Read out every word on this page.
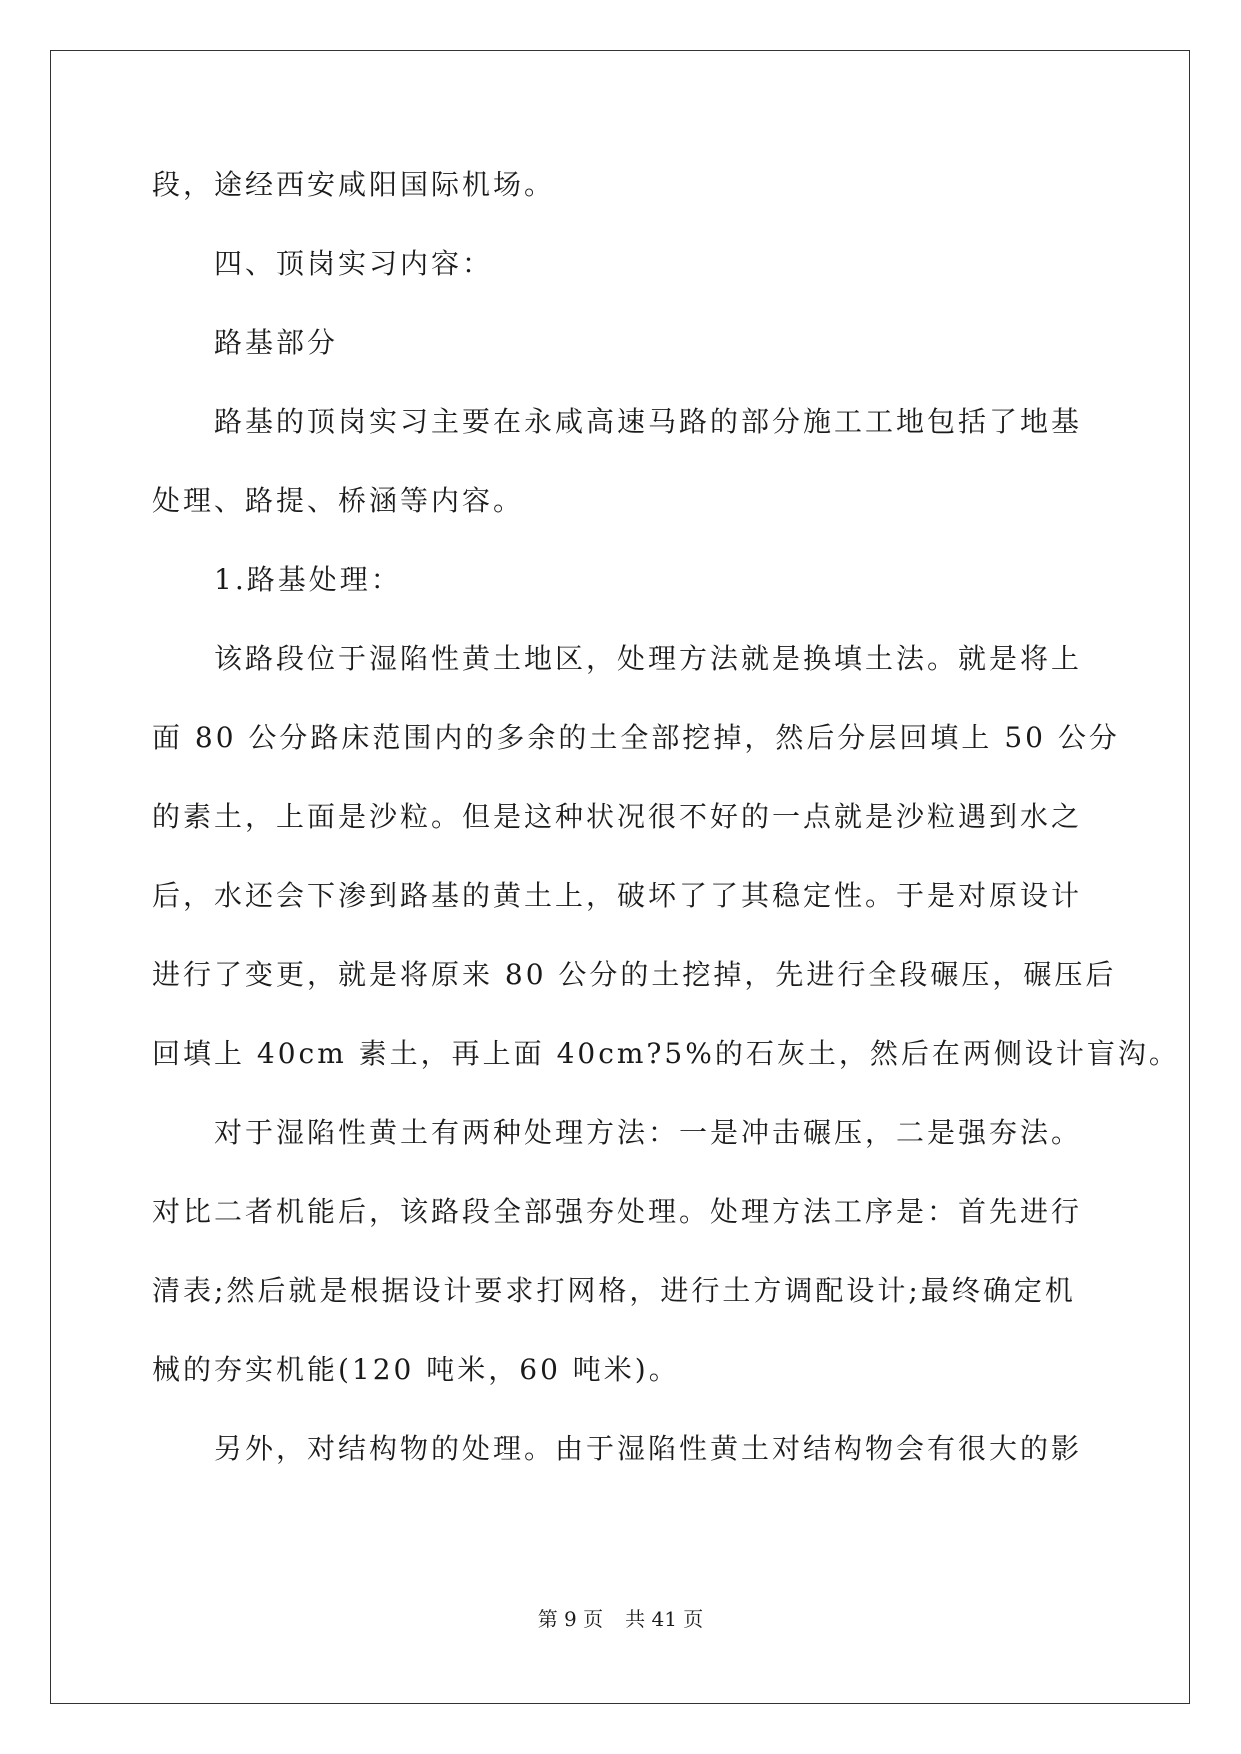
段，途经西安咸阳国际机场。
四、顶岗实习内容：
路基部分
路基的顶岗实习主要在永咸高速马路的部分施工工地包括了地基
处理、路提、桥涵等内容。
1.路基处理：
该路段位于湿陷性黄土地区，处理方法就是换填土法。就是将上
面 80 公分路床范围内的多余的土全部挖掉，然后分层回填上 50 公分
的素土，上面是沙粒。但是这种状况很不好的一点就是沙粒遇到水之
后，水还会下渗到路基的黄土上，破坏了了其稳定性。于是对原设计
进行了变更，就是将原来 80 公分的土挖掉，先进行全段碾压，碾压后
回填上 40cm 素土，再上面 40cm?5%的石灰土，然后在两侧设计盲沟。
对于湿陷性黄土有两种处理方法：一是冲击碾压，二是强夯法。
对比二者机能后，该路段全部强夯处理。处理方法工序是：首先进行
清表;然后就是根据设计要求打网格，进行土方调配设计;最终确定机
械的夯实机能(120 吨米，60 吨米)。
另外，对结构物的处理。由于湿陷性黄土对结构物会有很大的影
第 9 页 共 41 页
